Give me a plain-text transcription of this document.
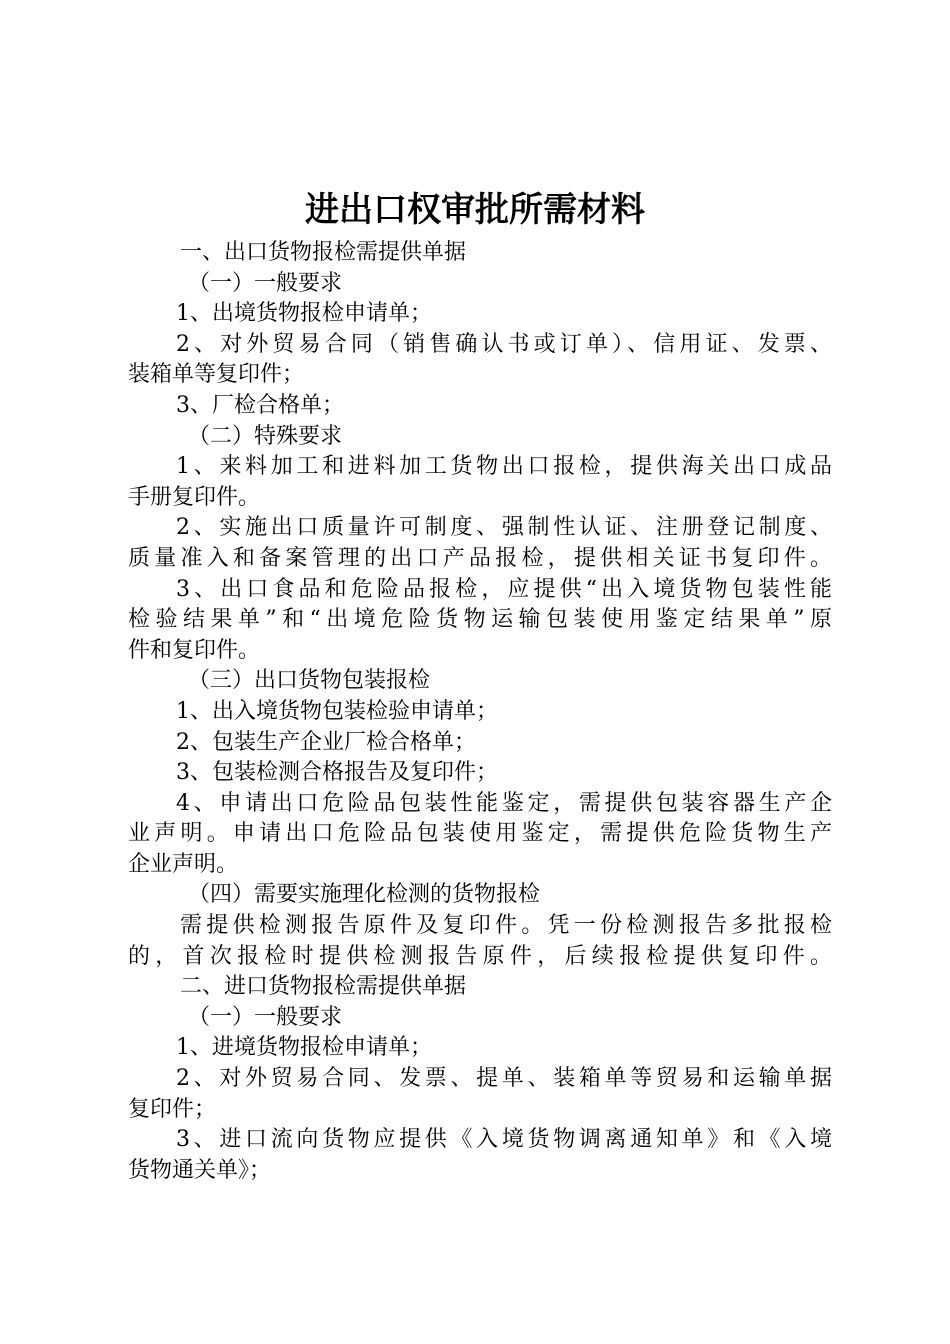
进出口权审批所需材料
一、出口货物报检需提供单据
（一）一般要求
1、出境货物报检申请单；
2、对外贸易合同（销售确认书或订单）、信用证、发票、
装箱单等复印件；
3、厂检合格单；
（二）特殊要求
1、来料加工和进料加工货物出口报检，提供海关出口成品
手册复印件。
2、实施出口质量许可制度、强制性认证、注册登记制度、
质量准入和备案管理的出口产品报检，提供相关证书复印件。
3、出口食品和危险品报检，应提供“出入境货物包装性能
检验结果单”和“出境危险货物运输包装使用鉴定结果单”原
件和复印件。
（三）出口货物包装报检
1、出入境货物包装检验申请单；
2、包装生产企业厂检合格单；
3、包装检测合格报告及复印件；
4、申请出口危险品包装性能鉴定，需提供包装容器生产企
业声明。申请出口危险品包装使用鉴定，需提供危险货物生产
企业声明。
（四）需要实施理化检测的货物报检
需提供检测报告原件及复印件。凭一份检测报告多批报检
的，首次报检时提供检测报告原件，后续报检提供复印件。
二、进口货物报检需提供单据
（一）一般要求
1、进境货物报检申请单；
2、对外贸易合同、发票、提单、装箱单等贸易和运输单据
复印件；
3、进口流向货物应提供《入境货物调离通知单》和《入境
货物通关单》；
